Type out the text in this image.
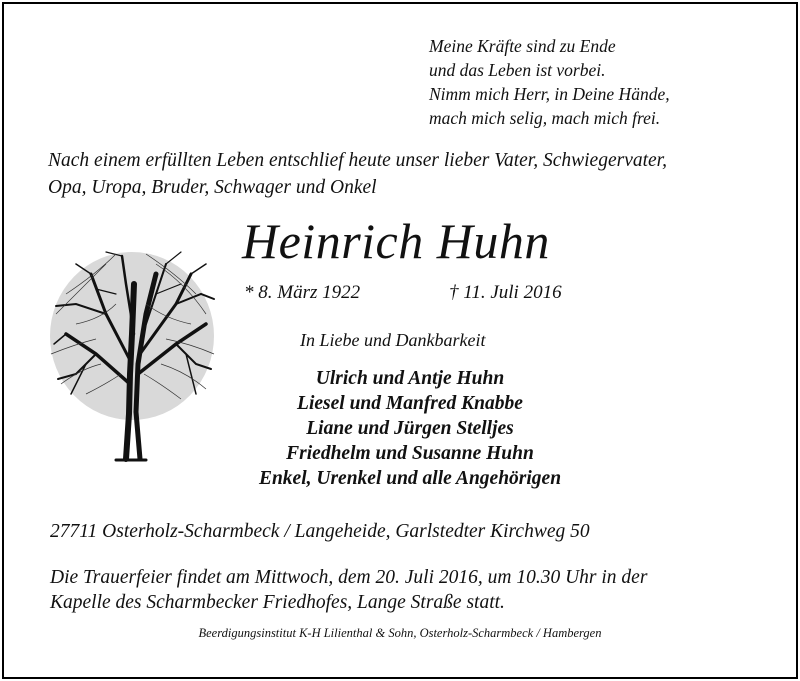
Meine Kräfte sind zu Ende
und das Leben ist vorbei.
Nimm mich Herr, in Deine Hände,
mach mich selig, mach mich frei.
Nach einem erfüllten Leben entschlief heute unser lieber Vater, Schwiegervater,
Opa, Uropa, Bruder, Schwager und Onkel
Heinrich Huhn
* 8. März 1922	† 11. Juli 2016
In Liebe und Dankbarkeit
Ulrich und Antje Huhn
Liesel und Manfred Knabbe
Liane und Jürgen Stelljes
Friedhelm und Susanne Huhn
Enkel, Urenkel und alle Angehörigen
27711 Osterholz-Scharmbeck / Langeheide, Garlstedter Kirchweg 50
Die Trauerfeier findet am Mittwoch, dem 20. Juli 2016, um 10.30 Uhr in der
Kapelle des Scharmbecker Friedhofes, Lange Straße statt.
Beerdigungsinstitut K-H Lilienthal & Sohn, Osterholz-Scharmbeck / Hambergen
